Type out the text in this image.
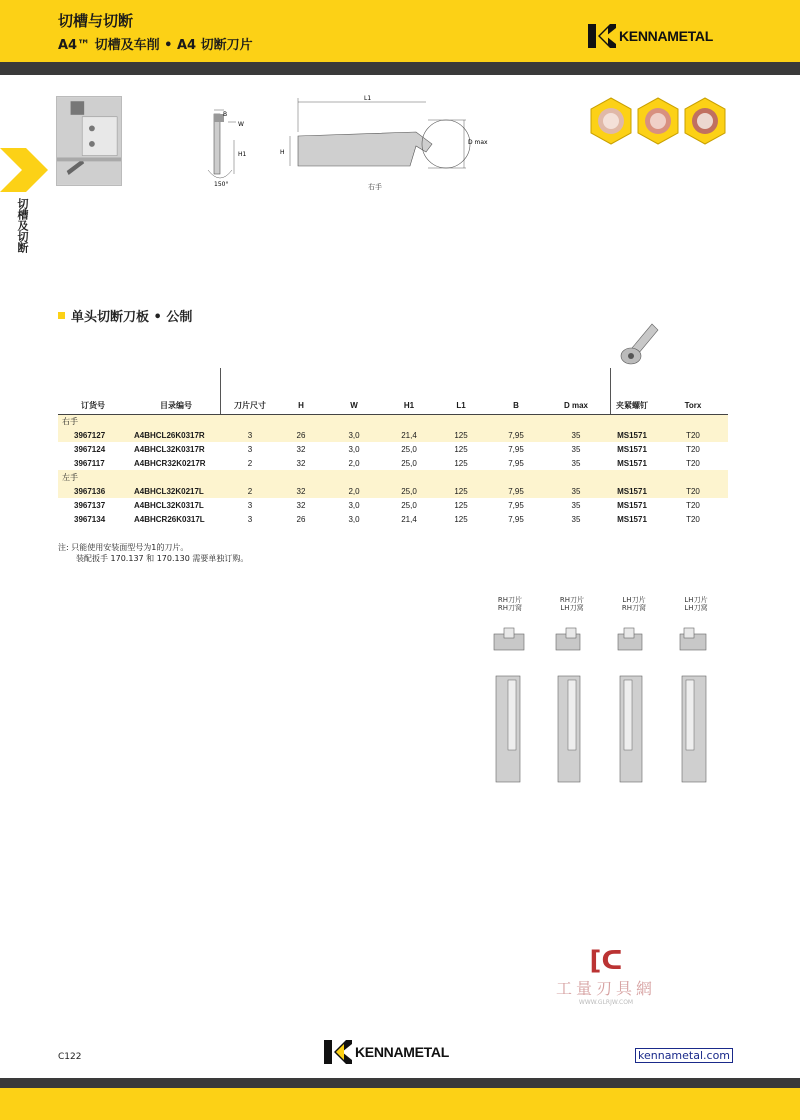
切槽与切断
A4™ 切槽及车削 • A4 切断刀片
KENNAMETAL
切槽及切断
B
W
H1
150°
L1
D max
H
右手
单头切断刀板 • 公制
订货号	目录编号	刀片尺寸	H	W	H1	L1	B	D max	夹紧螺钉	Torx
右手										
3967127	A4BHCL26K0317R	3	26	3,0	21,4	125	7,95	35	MS1571	T20
3967124	A4BHCL32K0317R	3	32	3,0	25,0	125	7,95	35	MS1571	T20
3967117	A4BHCR32K0217R	2	32	2,0	25,0	125	7,95	35	MS1571	T20
左手										
3967136	A4BHCL32K0217L	2	32	2,0	25,0	125	7,95	35	MS1571	T20
3967137	A4BHCL32K0317L	3	32	3,0	25,0	125	7,95	35	MS1571	T20
3967134	A4BHCR26K0317L	3	26	3,0	21,4	125	7,95	35	MS1571	T20
注: 只能使用安装面型号为1的刀片。
装配扳手 170.137 和 170.130 需要单独订购。
RH刀片
RH刀窝
RH刀片
LH刀窝
LH刀片
RH刀窝
LH刀片
LH刀窝
[ᑕ
工量刃具網
WWW.GLRJW.COM
C122	KENNAMETAL	kennametal.com
